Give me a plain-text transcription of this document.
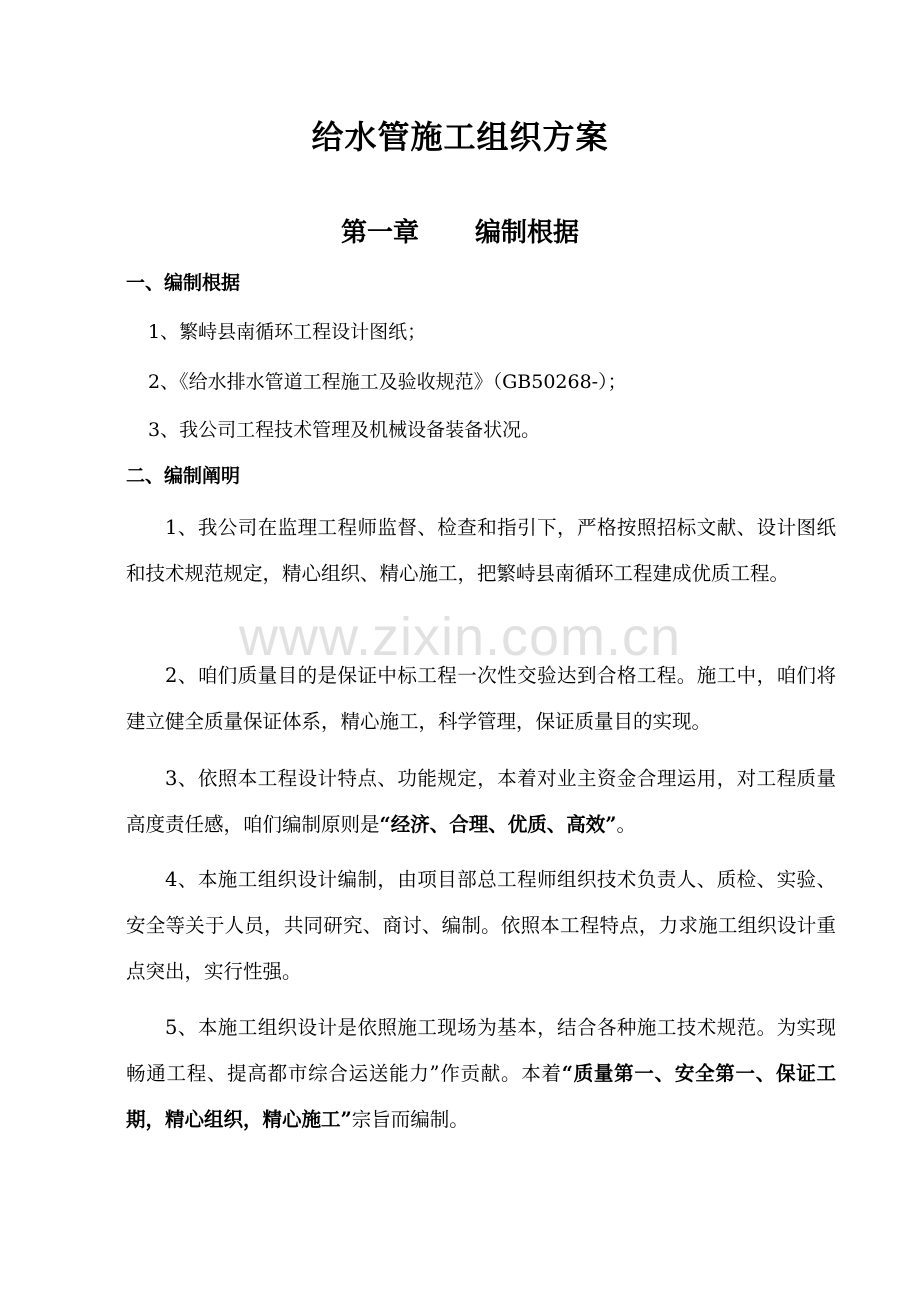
给水管施工组织方案
第一章 编制根据
一、编制根据
1、繁峙县南循环工程设计图纸；
2、《给水排水管道工程施工及验收规范》（GB50268-）；
3、我公司工程技术管理及机械设备装备状况。
二、编制阐明

1、我公司在监理工程师监督、检查和指引下，严格按照招标文献、设计图纸和技术规范规定，精心组织、精心施工，把繁峙县南循环工程建成优质工程。

2、咱们质量目的是保证中标工程一次性交验达到合格工程。施工中，咱们将建立健全质量保证体系，精心施工，科学管理，保证质量目的实现。

3、依照本工程设计特点、功能规定，本着对业主资金合理运用，对工程质量高度责任感，咱们编制原则是“经济、合理、优质、高效”。

4、本施工组织设计编制，由项目部总工程师组织技术负责人、质检、实验、安全等关于人员，共同研究、商讨、编制。依照本工程特点，力求施工组织设计重点突出，实行性强。

5、本施工组织设计是依照施工现场为基本，结合各种施工技术规范。为实现畅通工程、提高都市综合运送能力”作贡献。本着“质量第一、安全第一、保证工期，精心组织，精心施工”宗旨而编制。

www.zixin.com.cn
